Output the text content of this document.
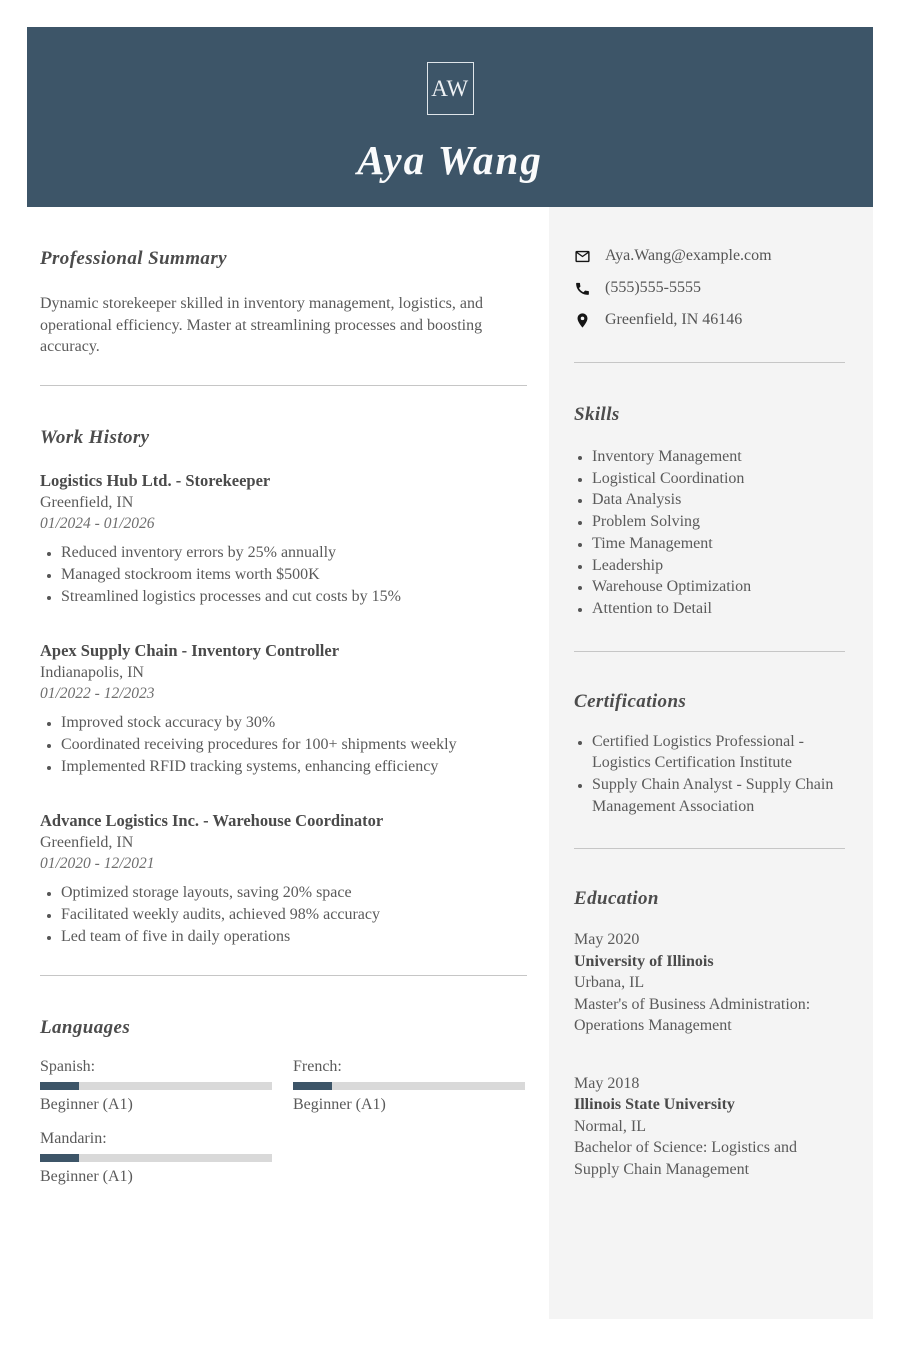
AW
Aya Wang
Professional Summary

Dynamic storekeeper skilled in inventory management, logistics, and operational efficiency. Master at streamlining processes and boosting accuracy.

Work History
Logistics Hub Ltd. - Storekeeper
Greenfield, IN
01/2024 - 01/2026
• Reduced inventory errors by 25% annually
• Managed stockroom items worth $500K
• Streamlined logistics processes and cut costs by 15%
Apex Supply Chain - Inventory Controller
Indianapolis, IN
01/2022 - 12/2023
• Improved stock accuracy by 30%
• Coordinated receiving procedures for 100+ shipments weekly
• Implemented RFID tracking systems, enhancing efficiency
Advance Logistics Inc. - Warehouse Coordinator
Greenfield, IN
01/2020 - 12/2021
• Optimized storage layouts, saving 20% space
• Facilitated weekly audits, achieved 98% accuracy
• Led team of five in daily operations
Languages
Spanish:
Beginner (A1)
French:
Beginner (A1)
Mandarin:
Beginner (A1)
Aya.Wang@example.com
(555)555-5555
Greenfield, IN 46146
Skills
• Inventory Management
• Logistical Coordination
• Data Analysis
• Problem Solving
• Time Management
• Leadership
• Warehouse Optimization
• Attention to Detail
Certifications
• Certified Logistics Professional - Logistics Certification Institute
• Supply Chain Analyst - Supply Chain Management Association
Education
May 2020
University of Illinois
Urbana, IL
Master's of Business Administration: Operations Management
May 2018
Illinois State University
Normal, IL
Bachelor of Science: Logistics and Supply Chain Management
